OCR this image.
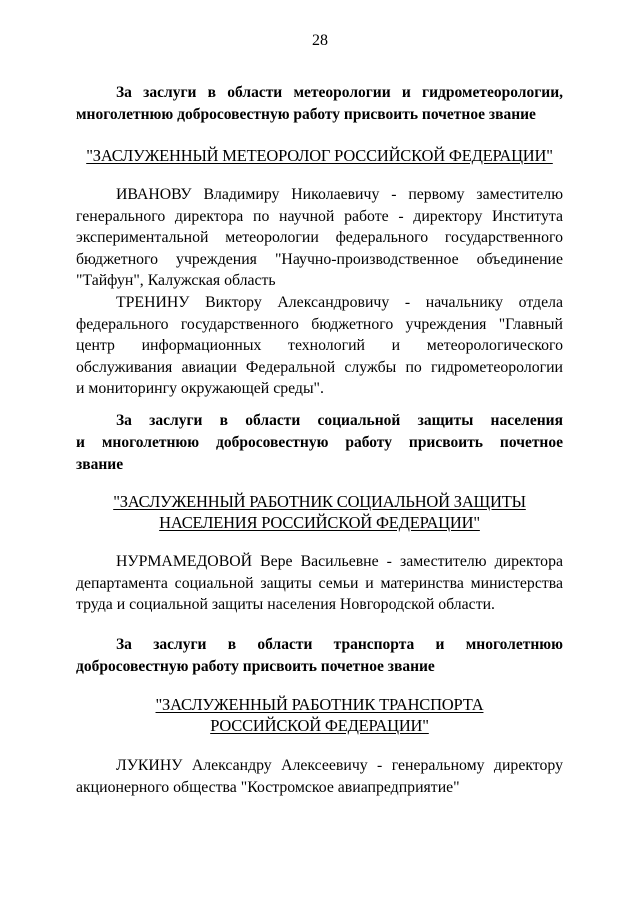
28
За заслуги в области метеорологии и гидрометеорологии,
многолетнюю добросовестную работу присвоить почетное звание
"ЗАСЛУЖЕННЫЙ МЕТЕОРОЛОГ РОССИЙСКОЙ ФЕДЕРАЦИИ"
ИВАНОВУ Владимиру Николаевичу - первому заместителю
генерального директора по научной работе - директору Института
экспериментальной метеорологии федерального государственного
бюджетного учреждения "Научно-производственное объединение
"Тайфун", Калужская область
ТРЕНИНУ Виктору Александровичу - начальнику отдела
федерального государственного бюджетного учреждения "Главный
центр информационных технологий и метеорологического
обслуживания авиации Федеральной службы по гидрометеорологии
и мониторингу окружающей среды".
За заслуги в области социальной защиты населения
и многолетнюю добросовестную работу присвоить почетное
звание
"ЗАСЛУЖЕННЫЙ РАБОТНИК СОЦИАЛЬНОЙ ЗАЩИТЫ
НАСЕЛЕНИЯ РОССИЙСКОЙ ФЕДЕРАЦИИ"
НУРМАМЕДОВОЙ Вере Васильевне - заместителю директора
департамента социальной защиты семьи и материнства министерства
труда и социальной защиты населения Новгородской области.
За заслуги в области транспорта и многолетнюю
добросовестную работу присвоить почетное звание
"ЗАСЛУЖЕННЫЙ РАБОТНИК ТРАНСПОРТА
РОССИЙСКОЙ ФЕДЕРАЦИИ"
ЛУКИНУ Александру Алексеевичу - генеральному директору
акционерного общества "Костромское авиапредприятие"
